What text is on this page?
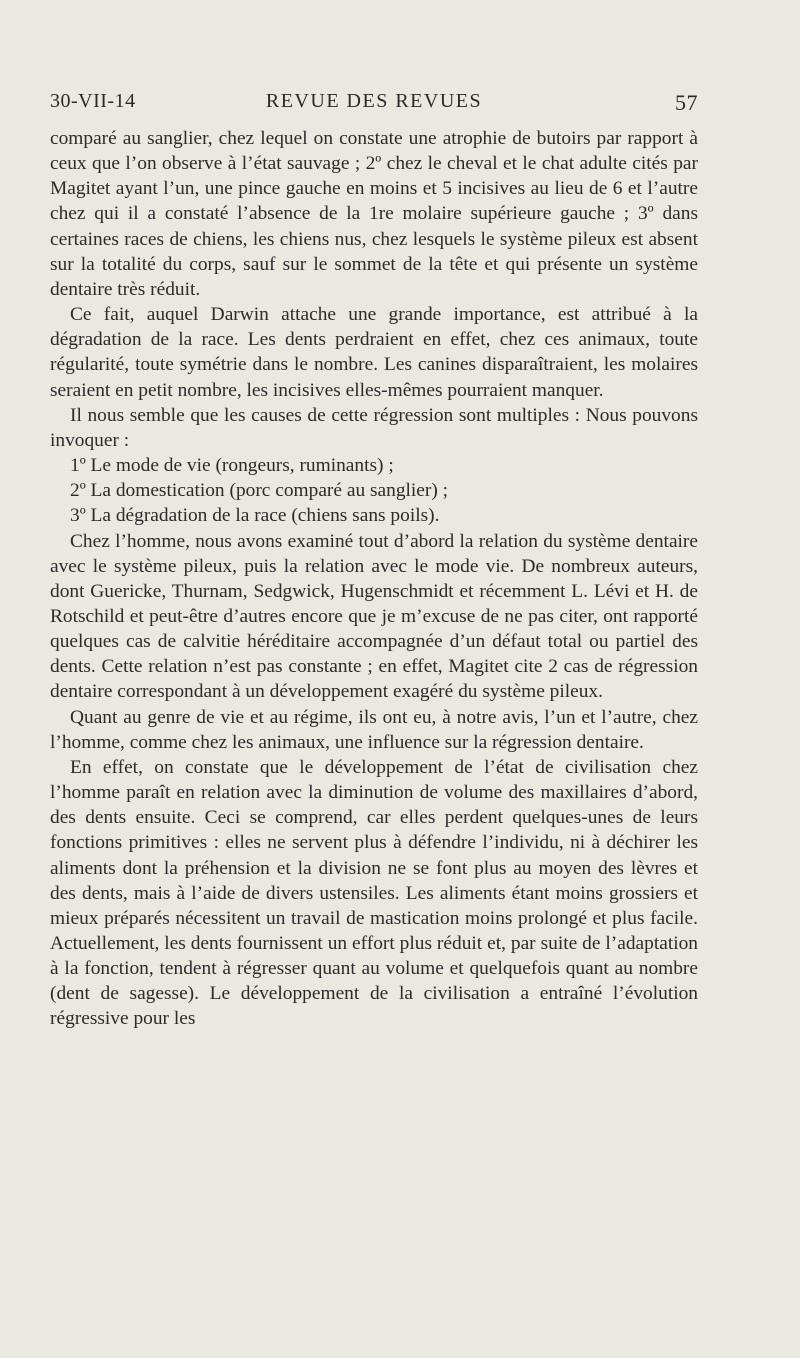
30-VII-14	REVUE DES REVUES	57

comparé au sanglier, chez lequel on constate une atrophie de butoirs par rapport à ceux que l’on observe à l’état sauvage ; 2º chez le cheval et le chat adulte cités par Magitet ayant l’un, une pince gauche en moins et 5 incisives au lieu de 6 et l’autre chez qui il a constaté l’absence de la 1re molaire supérieure gauche ; 3º dans certaines races de chiens, les chiens nus, chez lesquels le système pileux est absent sur la totalité du corps, sauf sur le sommet de la tête et qui présente un système dentaire très réduit.

Ce fait, auquel Darwin attache une grande importance, est attribué à la dégradation de la race. Les dents perdraient en effet, chez ces animaux, toute régularité, toute symétrie dans le nombre. Les canines disparaîtraient, les molaires seraient en petit nombre, les incisives elles-mêmes pourraient manquer.

Il nous semble que les causes de cette régression sont multiples : Nous pouvons invoquer :

1º Le mode de vie (rongeurs, ruminants) ;

2º La domestication (porc comparé au sanglier) ;

3º La dégradation de la race (chiens sans poils).

Chez l’homme, nous avons examiné tout d’abord la relation du système dentaire avec le système pileux, puis la relation avec le mode vie. De nombreux auteurs, dont Guericke, Thurnam, Sedgwick, Hugenschmidt et récemment L. Lévi et H. de Rotschild et peut-être d’autres encore que je m’excuse de ne pas citer, ont rapporté quelques cas de calvitie héréditaire accompagnée d’un défaut total ou partiel des dents. Cette relation n’est pas constante ; en effet, Magitet cite 2 cas de régression dentaire correspondant à un développement exagéré du système pileux.

Quant au genre de vie et au régime, ils ont eu, à notre avis, l’un et l’autre, chez l’homme, comme chez les animaux, une influence sur la régression dentaire.

En effet, on constate que le développement de l’état de civilisation chez l’homme paraît en relation avec la diminution de volume des maxillaires d’abord, des dents ensuite. Ceci se comprend, car elles perdent quelques-unes de leurs fonctions primitives : elles ne servent plus à défendre l’individu, ni à déchirer les aliments dont la préhension et la division ne se font plus au moyen des lèvres et des dents, mais à l’aide de divers ustensiles. Les aliments étant moins grossiers et mieux préparés nécessitent un travail de mastication moins prolongé et plus facile. Actuellement, les dents fournissent un effort plus réduit et, par suite de l’adaptation à la fonction, tendent à régresser quant au volume et quelquefois quant au nombre (dent de sagesse). Le développement de la civilisation a entraîné l’évolution régressive pour les
